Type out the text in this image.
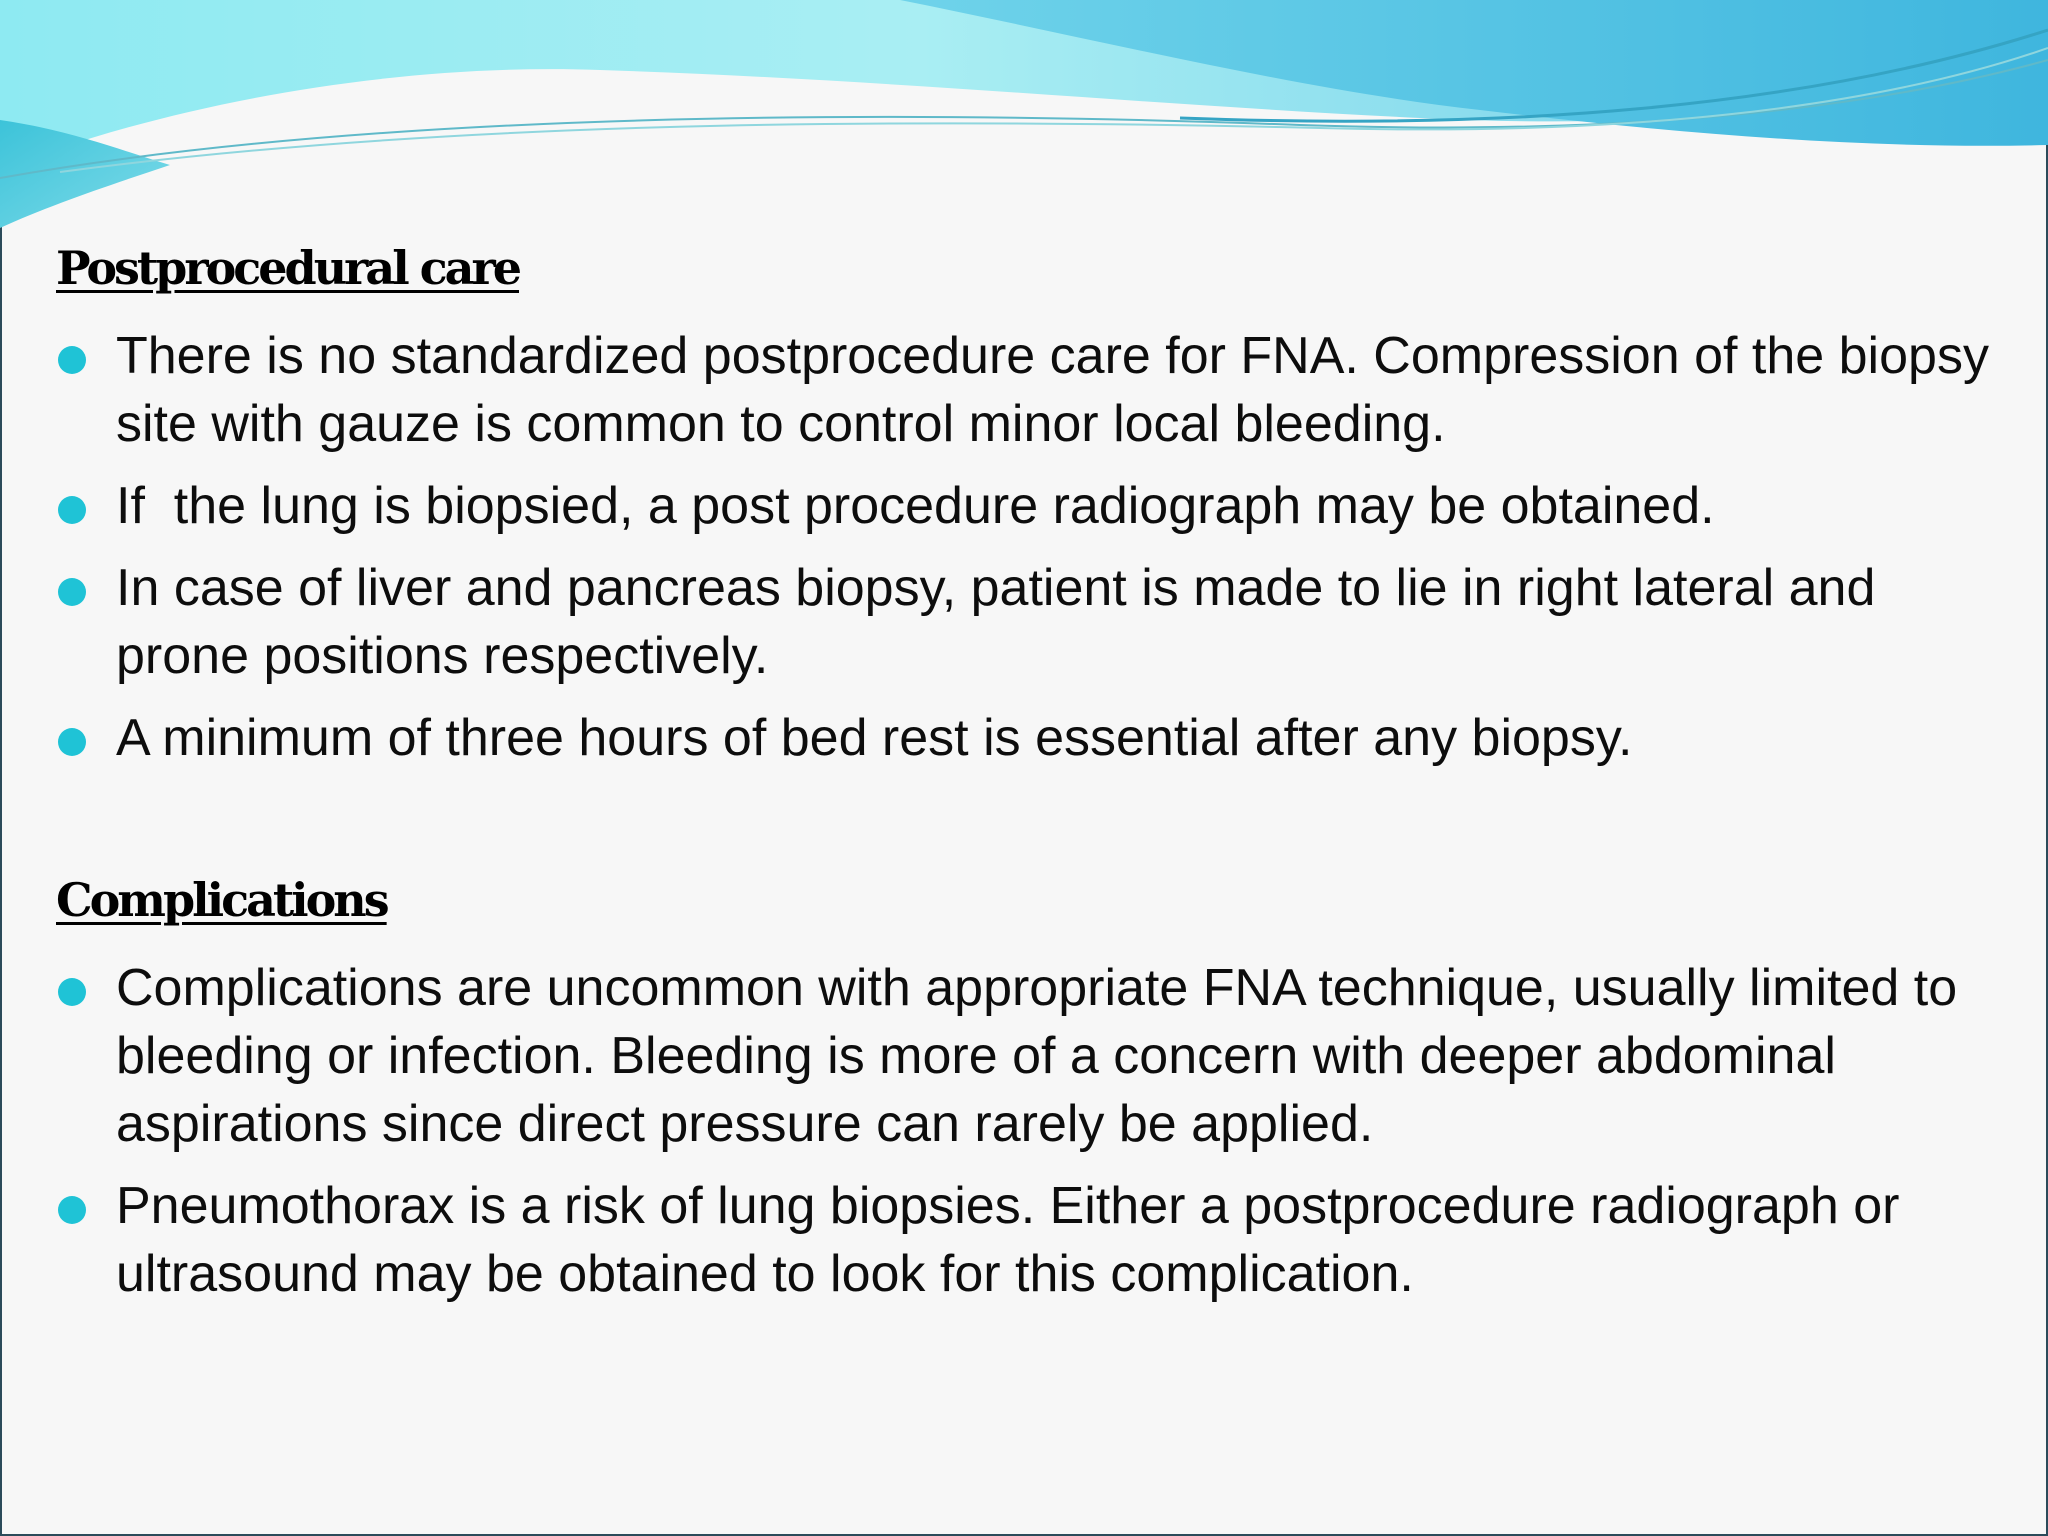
Postprocedural care
There is no standardized postprocedure care for FNA. Compression of the biopsy site with gauze is common to control minor local bleeding.
If  the lung is biopsied, a post procedure radiograph may be obtained.
In case of liver and pancreas biopsy, patient is made to lie in right lateral and prone positions respectively.
A minimum of three hours of bed rest is essential after any biopsy.
Complications
Complications are uncommon with appropriate FNA technique, usually limited to bleeding or infection. Bleeding is more of a concern with deeper abdominal aspirations since direct pressure can rarely be applied.
Pneumothorax is a risk of lung biopsies. Either a postprocedure radiograph or ultrasound may be obtained to look for this complication.
